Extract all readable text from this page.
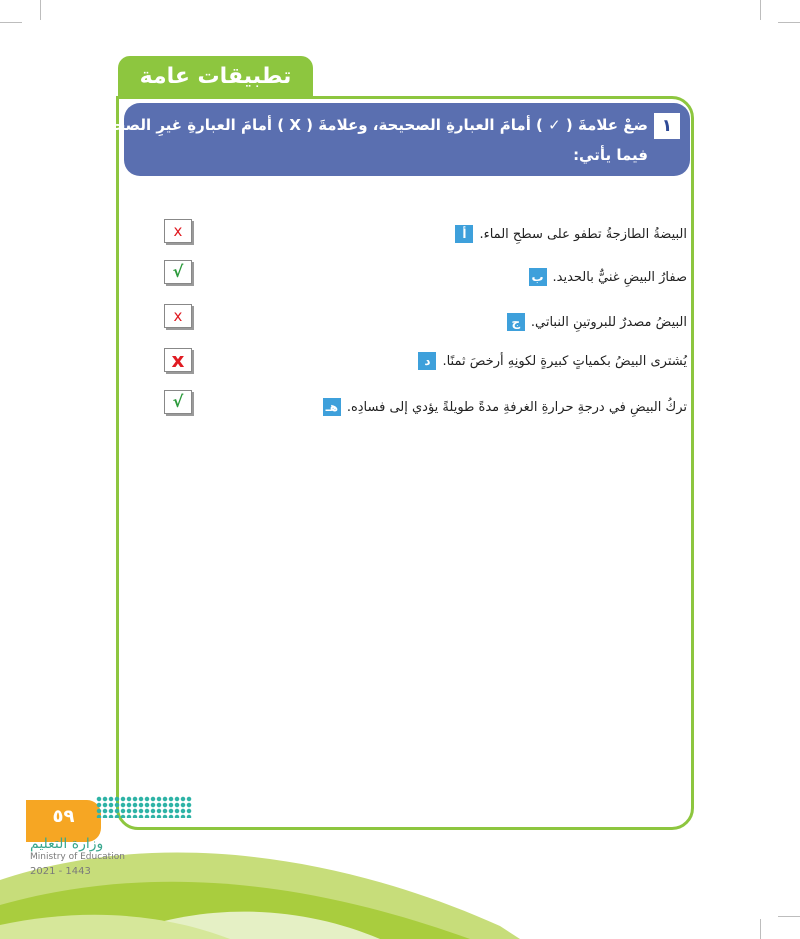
تطبيقات عامة
١
ضعْ علامةَ ( ✓ ) أمامَ العبارةِ الصحيحة، وعلامةَ ( X ) أمامَ العبارةِ غيرِ الصحيحةِ
فيما يأتي:
أ البيضةُ الطازجةُ تطفو على سطحِ الماء.
x
ب صفارُ البيضِ غنيٌّ بالحديد.
√
ج البيضُ مصدرٌ للبروتينِ النباتي.
x
د يُشترى البيضُ بكمياتٍ كبيرةٍ لكونِهِ أرخصَ ثمنًا.
x
هـ تركُ البيضِ في درجةِ حرارةِ الغرفةِ مدةً طويلةً يؤدي إلى فسادِه.
√
٥٩
وزارة التعليم
Ministry of Education
2021 - 1443
